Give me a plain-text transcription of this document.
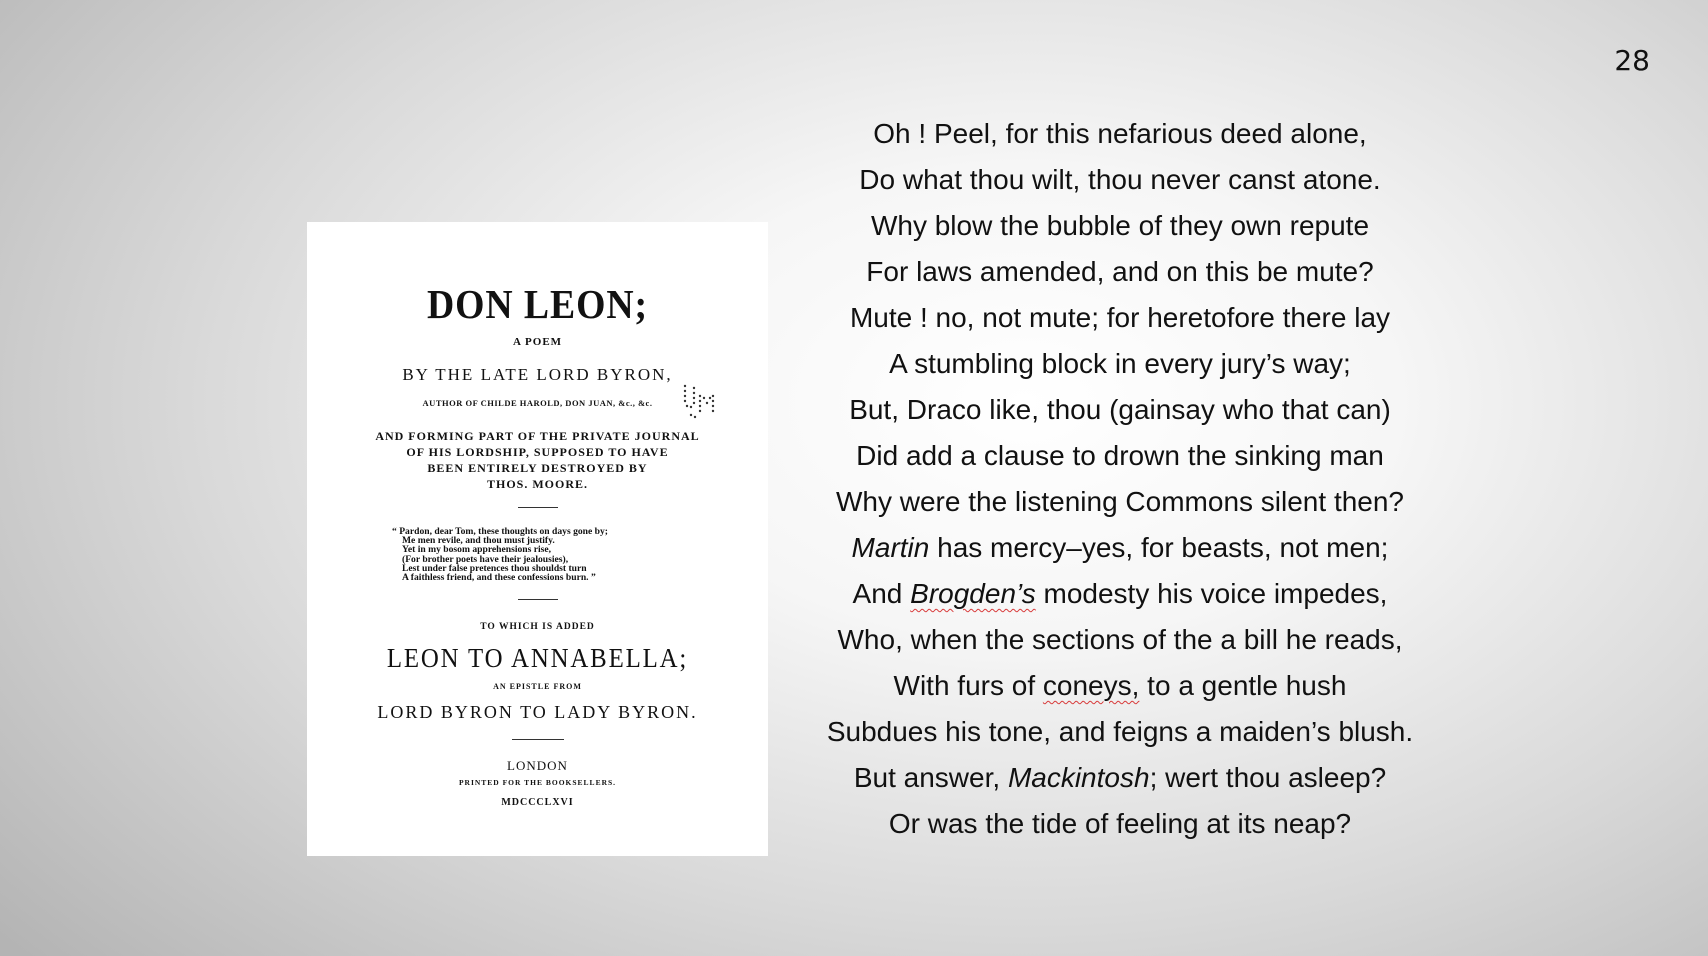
28
DON LEON;
A POEM
BY THE LATE LORD BYRON,
AUTHOR OF CHILDE HAROLD, DON JUAN, &c., &c.
AND FORMING PART OF THE PRIVATE JOURNAL
OF HIS LORDSHIP, SUPPOSED TO HAVE
BEEN ENTIRELY DESTROYED BY
THOS. MOORE.
“ Pardon, dear Tom, these thoughts on days gone by;
Me men revile, and thou must justify.
Yet in my bosom apprehensions rise,
(For brother poets have their jealousies),
Lest under false pretences thou shouldst turn
A faithless friend, and these confessions burn. ”
TO WHICH IS ADDED
LEON TO ANNABELLA;
AN EPISTLE FROM
LORD BYRON TO LADY BYRON.
LONDON
PRINTED FOR THE BOOKSELLERS.
MDCCCLXVI
Oh ! Peel, for this nefarious deed alone,
Do what thou wilt, thou never canst atone.
Why blow the bubble of they own repute
For laws amended, and on this be mute?
Mute ! no, not mute; for heretofore there lay
A stumbling block in every jury’s way;
But, Draco like, thou (gainsay who that can)
Did add a clause to drown the sinking man
Why were the listening Commons silent then?
Martin has mercy–yes, for beasts, not men;
And Brogden’s modesty his voice impedes,
Who, when the sections of the a bill he reads,
With furs of coneys, to a gentle hush
Subdues his tone, and feigns a maiden’s blush.
But answer, Mackintosh; wert thou asleep?
Or was the tide of feeling at its neap?
